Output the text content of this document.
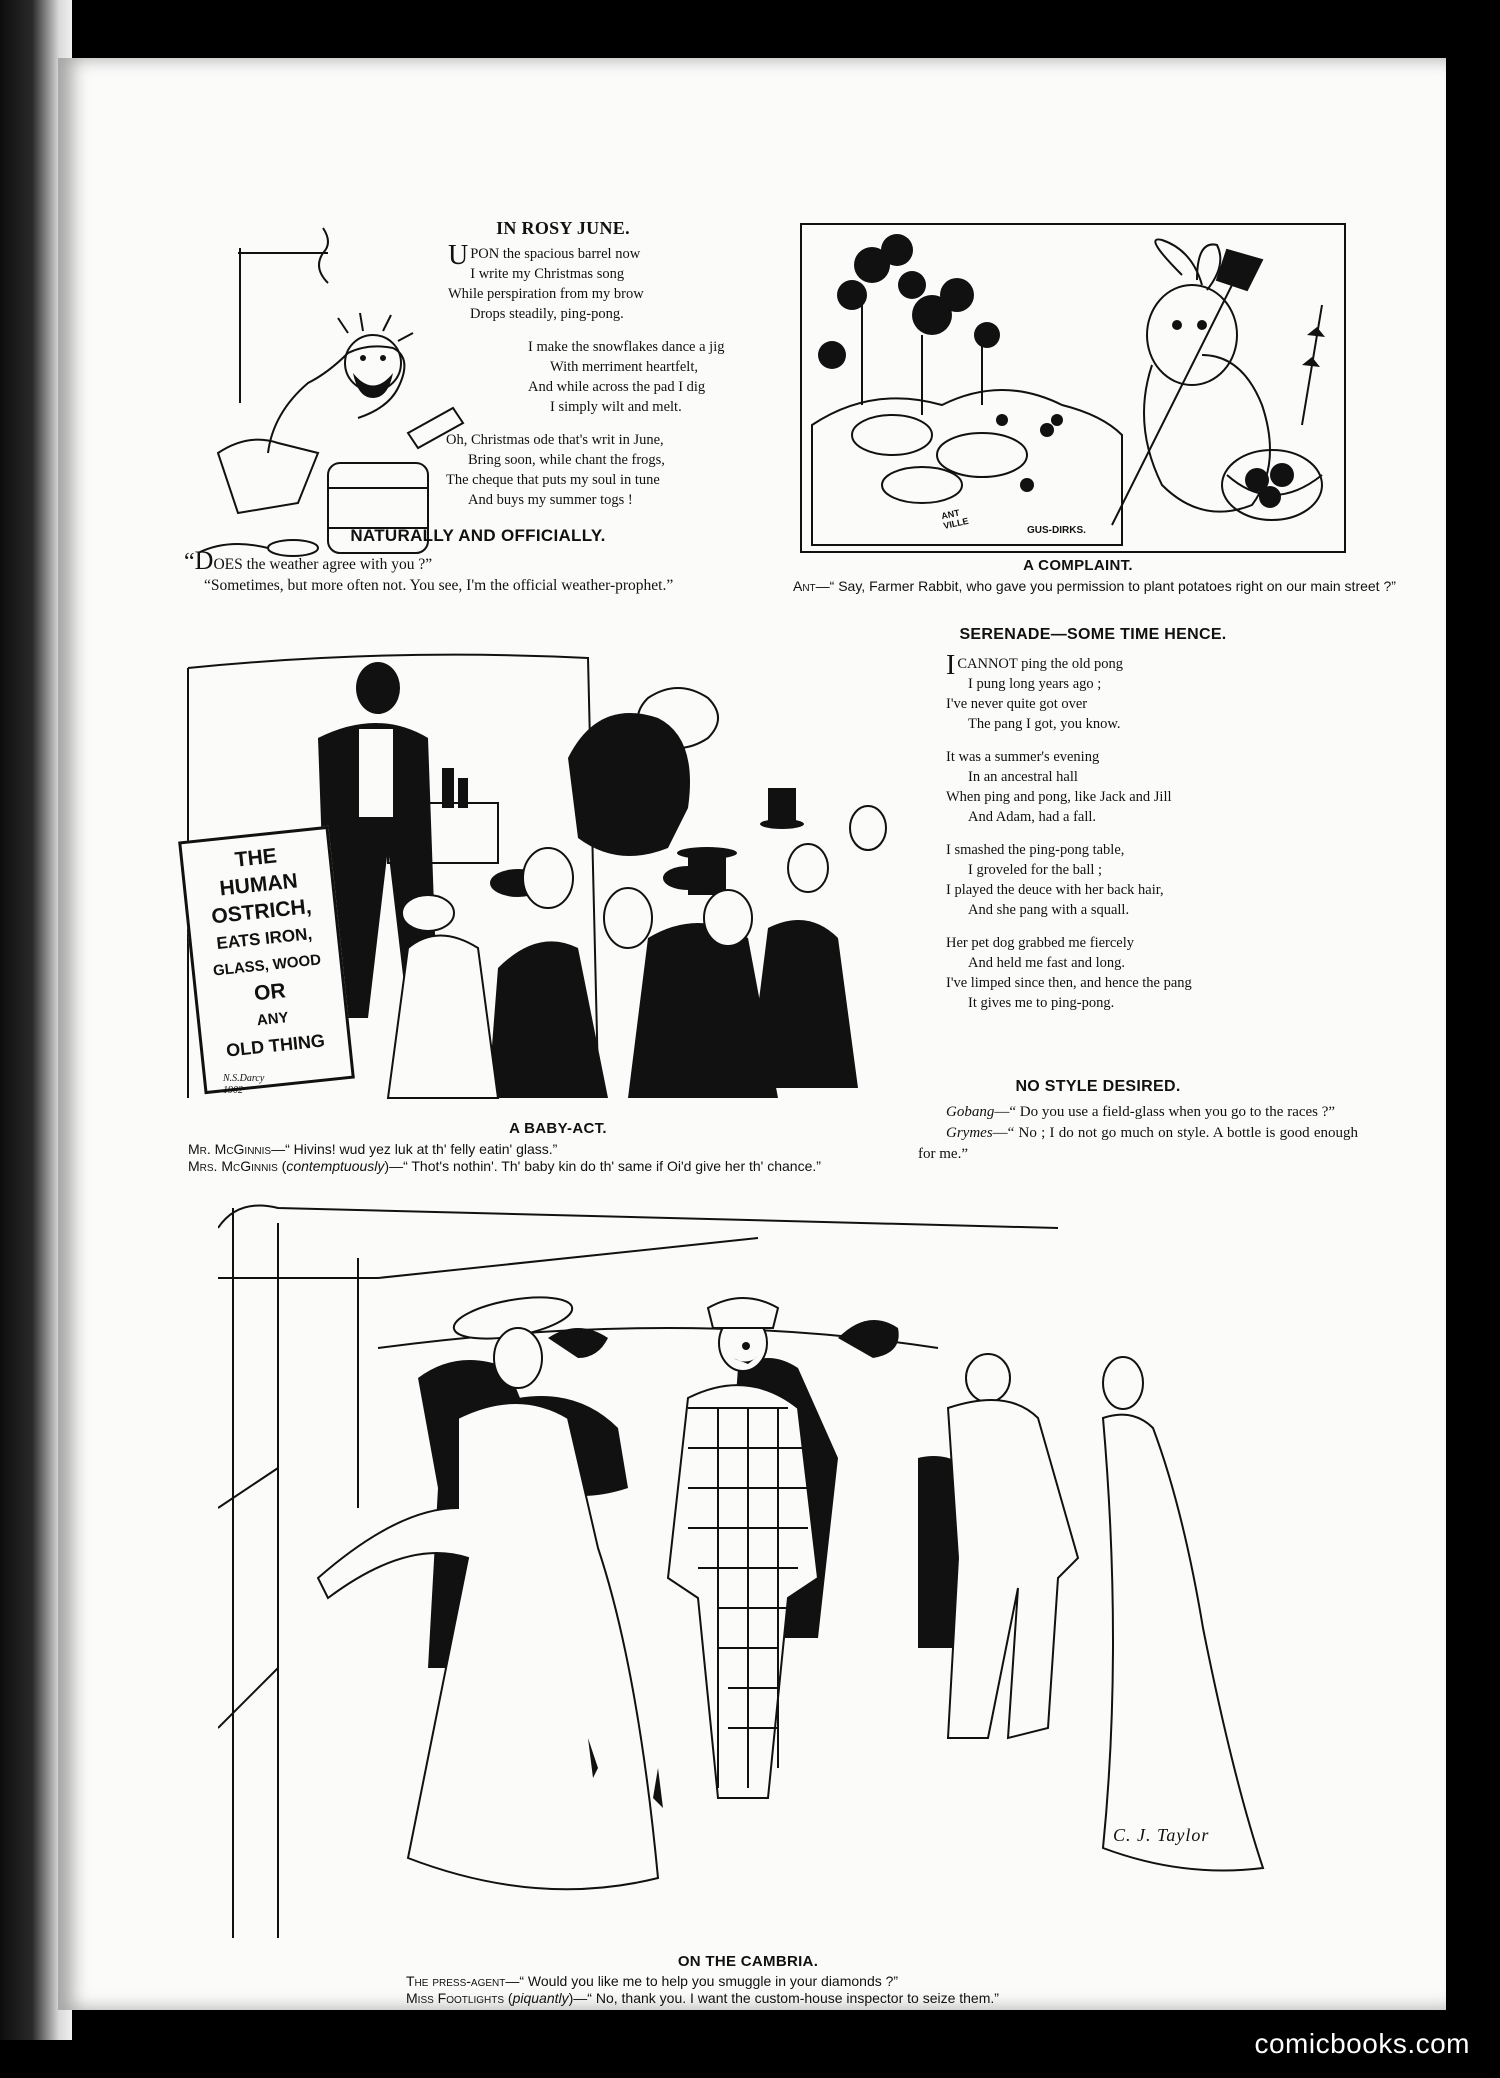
IN ROSY JUNE.
U PON the spacious barrel now
I write my Christmas song
While perspiration from my brow
Drops steadily, ping-pong.
I make the snowflakes dance a jig
With merriment heartfelt,
And while across the pad I dig
I simply wilt and melt.
Oh, Christmas ode that's writ in June,
Bring soon, while chant the frogs,
The cheque that puts my soul in tune
And buys my summer togs !
NATURALLY AND OFFICIALLY.
“DOES the weather agree with you ?”
“Sometimes, but more often not. You see, I'm the official weather-prophet.”
ANT VILLE	GUS-DIRKS.
A COMPLAINT.
Ant—“ Say, Farmer Rabbit, who gave you permission to plant potatoes right on our main street ?”
THE
HUMAN
OSTRICH,
EATS IRON,
GLASS, WOOD
OR
ANY
OLD THING
N.S.Darcy 1902
A BABY-ACT.
Mr. McGinnis—“ Hivins! wud yez luk at th' felly eatin' glass.”
Mrs. McGinnis (contemptuously)—“ Thot's nothin'. Th' baby kin do th' same if Oi'd give her th' chance.”
SERENADE—SOME TIME HENCE.
I CANNOT ping the old pong
I pung long years ago ;
I've never quite got over
The pang I got, you know.
It was a summer's evening
In an ancestral hall
When ping and pong, like Jack and Jill
And Adam, had a fall.
I smashed the ping-pong table,
I groveled for the ball ;
I played the deuce with her back hair,
And she pang with a squall.
Her pet dog grabbed me fiercely
And held me fast and long.
I've limped since then, and hence the pang
It gives me to ping-pong.
NO STYLE DESIRED.
Gobang—“ Do you use a field-glass when you go to the races ?”
Grymes—“ No ; I do not go much on style. A bottle is good enough for me.”
C. J. Taylor
ON THE CAMBRIA.
The press-agent—“ Would you like me to help you smuggle in your diamonds ?”
Miss Footlights (piquantly)—“ No, thank you. I want the custom-house inspector to seize them.”
comicbooks.com
